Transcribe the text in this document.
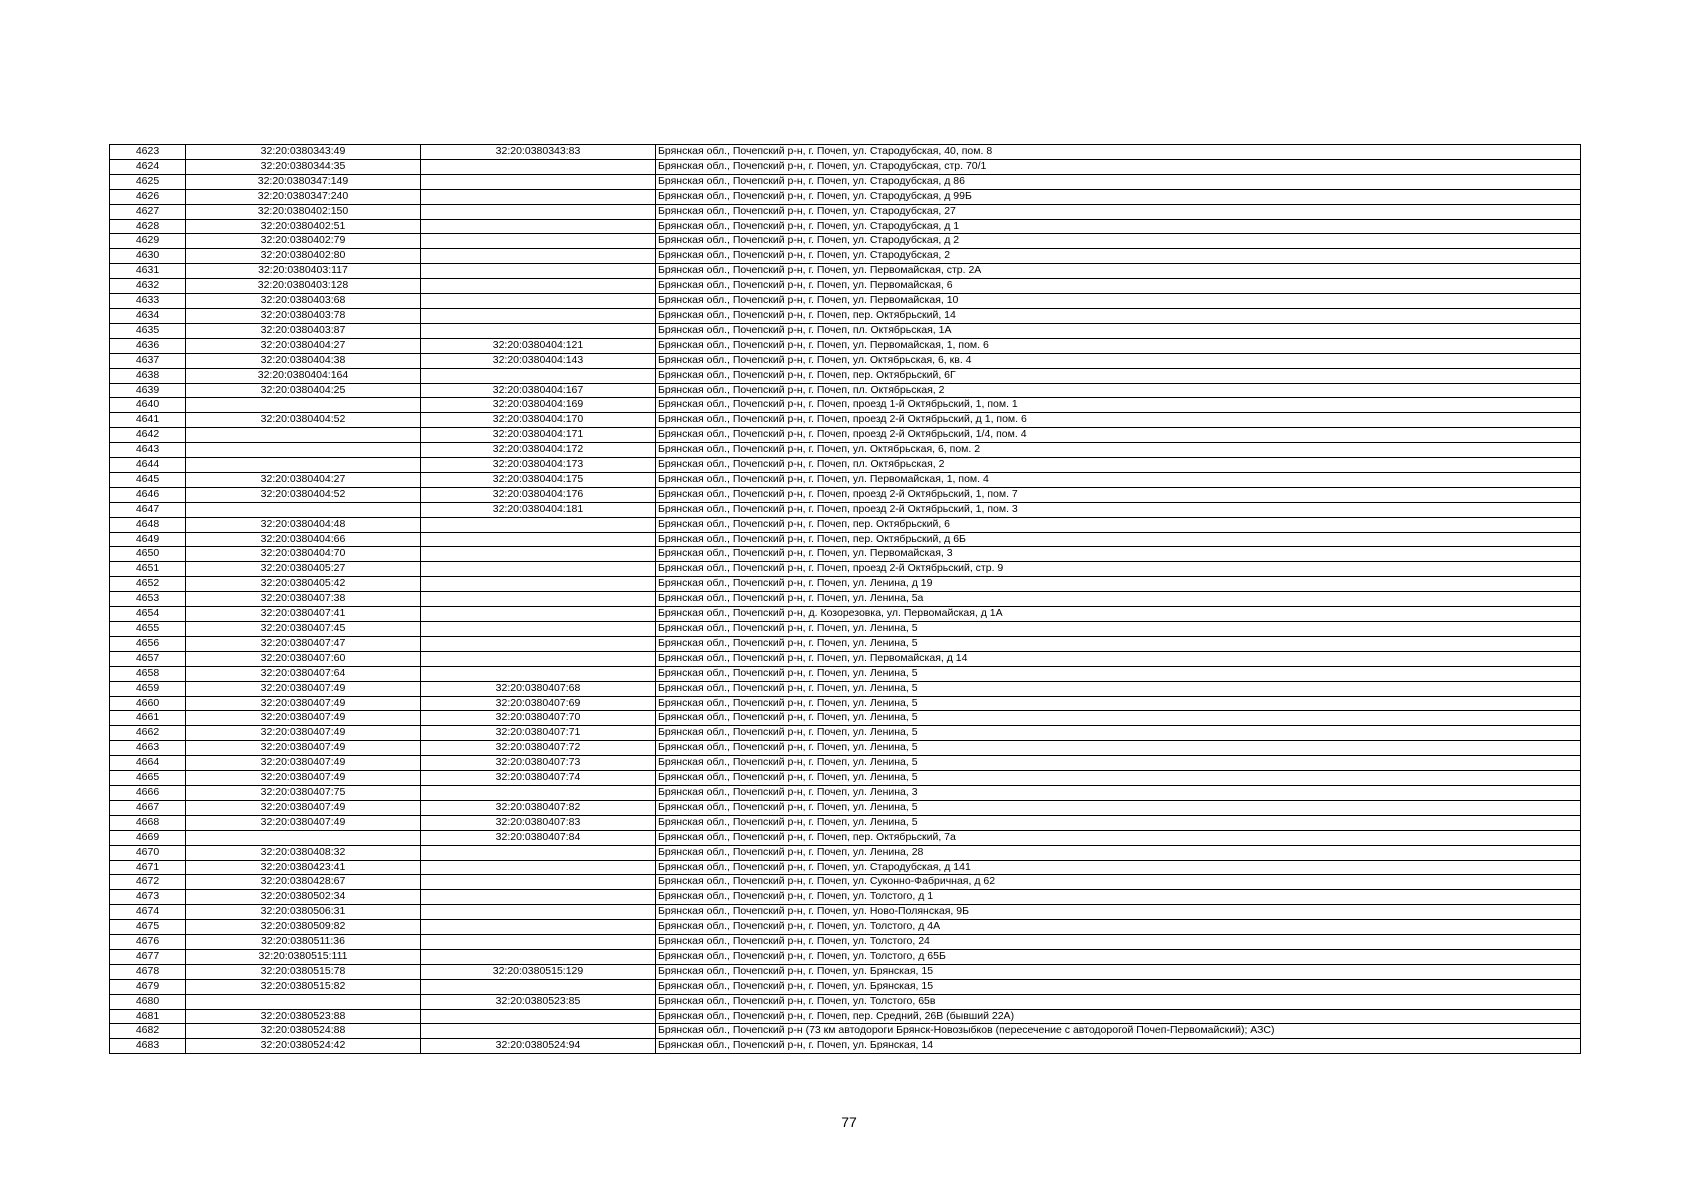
4623	32:20:0380343:49	32:20:0380343:83	Брянская обл., Почепский р-н, г. Почеп, ул. Стародубская, 40, пом. 8
4624	32:20:0380344:35		Брянская обл., Почепский р-н, г. Почеп, ул. Стародубская, стр. 70/1
4625	32:20:0380347:149		Брянская обл., Почепский р-н, г. Почеп, ул. Стародубская, д 86
4626	32:20:0380347:240		Брянская обл., Почепский р-н, г. Почеп, ул. Стародубская, д 99Б
4627	32:20:0380402:150		Брянская обл., Почепский р-н, г. Почеп, ул. Стародубская, 27
4628	32:20:0380402:51		Брянская обл., Почепский р-н, г. Почеп, ул. Стародубская, д 1
4629	32:20:0380402:79		Брянская обл., Почепский р-н, г. Почеп, ул. Стародубская, д 2
4630	32:20:0380402:80		Брянская обл., Почепский р-н, г. Почеп, ул. Стародубская, 2
4631	32:20:0380403:117		Брянская обл., Почепский р-н, г. Почеп, ул. Первомайская, стр. 2А
4632	32:20:0380403:128		Брянская обл., Почепский р-н, г. Почеп, ул. Первомайская, 6
4633	32:20:0380403:68		Брянская обл., Почепский р-н, г. Почеп, ул. Первомайская, 10
4634	32:20:0380403:78		Брянская обл., Почепский р-н, г. Почеп, пер. Октябрьский, 14
4635	32:20:0380403:87		Брянская обл., Почепский р-н, г. Почеп, пл. Октябрьская, 1А
4636	32:20:0380404:27	32:20:0380404:121	Брянская обл., Почепский р-н, г. Почеп, ул. Первомайская, 1, пом. 6
4637	32:20:0380404:38	32:20:0380404:143	Брянская обл., Почепский р-н, г. Почеп, ул. Октябрьская, 6, кв. 4
4638	32:20:0380404:164		Брянская обл., Почепский р-н, г. Почеп, пер. Октябрьский, 6Г
4639	32:20:0380404:25	32:20:0380404:167	Брянская обл., Почепский р-н, г. Почеп, пл. Октябрьская, 2
4640		32:20:0380404:169	Брянская обл., Почепский р-н, г. Почеп, проезд 1-й Октябрьский, 1, пом. 1
4641	32:20:0380404:52	32:20:0380404:170	Брянская обл., Почепский р-н, г. Почеп, проезд 2-й Октябрьский, д 1, пом. 6
4642		32:20:0380404:171	Брянская обл., Почепский р-н, г. Почеп, проезд 2-й Октябрьский, 1/4, пом. 4
4643		32:20:0380404:172	Брянская обл., Почепский р-н, г. Почеп, ул. Октябрьская, 6, пом. 2
4644		32:20:0380404:173	Брянская обл., Почепский р-н, г. Почеп, пл. Октябрьская, 2
4645	32:20:0380404:27	32:20:0380404:175	Брянская обл., Почепский р-н, г. Почеп, ул. Первомайская, 1, пом. 4
4646	32:20:0380404:52	32:20:0380404:176	Брянская обл., Почепский р-н, г. Почеп, проезд 2-й Октябрьский, 1, пом. 7
4647		32:20:0380404:181	Брянская обл., Почепский р-н, г. Почеп, проезд 2-й Октябрьский, 1, пом. 3
4648	32:20:0380404:48		Брянская обл., Почепский р-н, г. Почеп, пер. Октябрьский, 6
4649	32:20:0380404:66		Брянская обл., Почепский р-н, г. Почеп, пер. Октябрьский, д 6Б
4650	32:20:0380404:70		Брянская обл., Почепский р-н, г. Почеп, ул. Первомайская, 3
4651	32:20:0380405:27		Брянская обл., Почепский р-н, г. Почеп, проезд 2-й Октябрьский, стр. 9
4652	32:20:0380405:42		Брянская обл., Почепский р-н, г. Почеп, ул. Ленина, д 19
4653	32:20:0380407:38		Брянская обл., Почепский р-н, г. Почеп, ул. Ленина, 5а
4654	32:20:0380407:41		Брянская обл., Почепский р-н, д. Козорезовка, ул. Первомайская, д 1А
4655	32:20:0380407:45		Брянская обл., Почепский р-н, г. Почеп, ул. Ленина, 5
4656	32:20:0380407:47		Брянская обл., Почепский р-н, г. Почеп, ул. Ленина, 5
4657	32:20:0380407:60		Брянская обл., Почепский р-н, г. Почеп, ул. Первомайская, д 14
4658	32:20:0380407:64		Брянская обл., Почепский р-н, г. Почеп, ул. Ленина, 5
4659	32:20:0380407:49	32:20:0380407:68	Брянская обл., Почепский р-н, г. Почеп, ул. Ленина, 5
4660	32:20:0380407:49	32:20:0380407:69	Брянская обл., Почепский р-н, г. Почеп, ул. Ленина, 5
4661	32:20:0380407:49	32:20:0380407:70	Брянская обл., Почепский р-н, г. Почеп, ул. Ленина, 5
4662	32:20:0380407:49	32:20:0380407:71	Брянская обл., Почепский р-н, г. Почеп, ул. Ленина, 5
4663	32:20:0380407:49	32:20:0380407:72	Брянская обл., Почепский р-н, г. Почеп, ул. Ленина, 5
4664	32:20:0380407:49	32:20:0380407:73	Брянская обл., Почепский р-н, г. Почеп, ул. Ленина, 5
4665	32:20:0380407:49	32:20:0380407:74	Брянская обл., Почепский р-н, г. Почеп, ул. Ленина, 5
4666	32:20:0380407:75		Брянская обл., Почепский р-н, г. Почеп, ул. Ленина, 3
4667	32:20:0380407:49	32:20:0380407:82	Брянская обл., Почепский р-н, г. Почеп, ул. Ленина, 5
4668	32:20:0380407:49	32:20:0380407:83	Брянская обл., Почепский р-н, г. Почеп, ул. Ленина, 5
4669		32:20:0380407:84	Брянская обл., Почепский р-н, г. Почеп, пер. Октябрьский, 7а
4670	32:20:0380408:32		Брянская обл., Почепский р-н, г. Почеп, ул. Ленина, 28
4671	32:20:0380423:41		Брянская обл., Почепский р-н, г. Почеп, ул. Стародубская, д 141
4672	32:20:0380428:67		Брянская обл., Почепский р-н, г. Почеп, ул. Суконно-Фабричная, д 62
4673	32:20:0380502:34		Брянская обл., Почепский р-н, г. Почеп, ул. Толстого, д 1
4674	32:20:0380506:31		Брянская обл., Почепский р-н, г. Почеп, ул. Ново-Полянская, 9Б
4675	32:20:0380509:82		Брянская обл., Почепский р-н, г. Почеп, ул. Толстого, д 4А
4676	32:20:0380511:36		Брянская обл., Почепский р-н, г. Почеп, ул. Толстого, 24
4677	32:20:0380515:111		Брянская обл., Почепский р-н, г. Почеп, ул. Толстого, д 65Б
4678	32:20:0380515:78	32:20:0380515:129	Брянская обл., Почепский р-н, г. Почеп, ул. Брянская, 15
4679	32:20:0380515:82		Брянская обл., Почепский р-н, г. Почеп, ул. Брянская, 15
4680		32:20:0380523:85	Брянская обл., Почепский р-н, г. Почеп, ул. Толстого, 65в
4681	32:20:0380523:88		Брянская обл., Почепский р-н, г. Почеп, пер. Средний, 26В (бывший 22А)
4682	32:20:0380524:88		Брянская обл., Почепский р-н (73 км автодороги Брянск-Новозыбков (пересечение с автодорогой Почеп-Первомайский); АЗС)
4683	32:20:0380524:42	32:20:0380524:94	Брянская обл., Почепский р-н, г. Почеп, ул. Брянская, 14
77
